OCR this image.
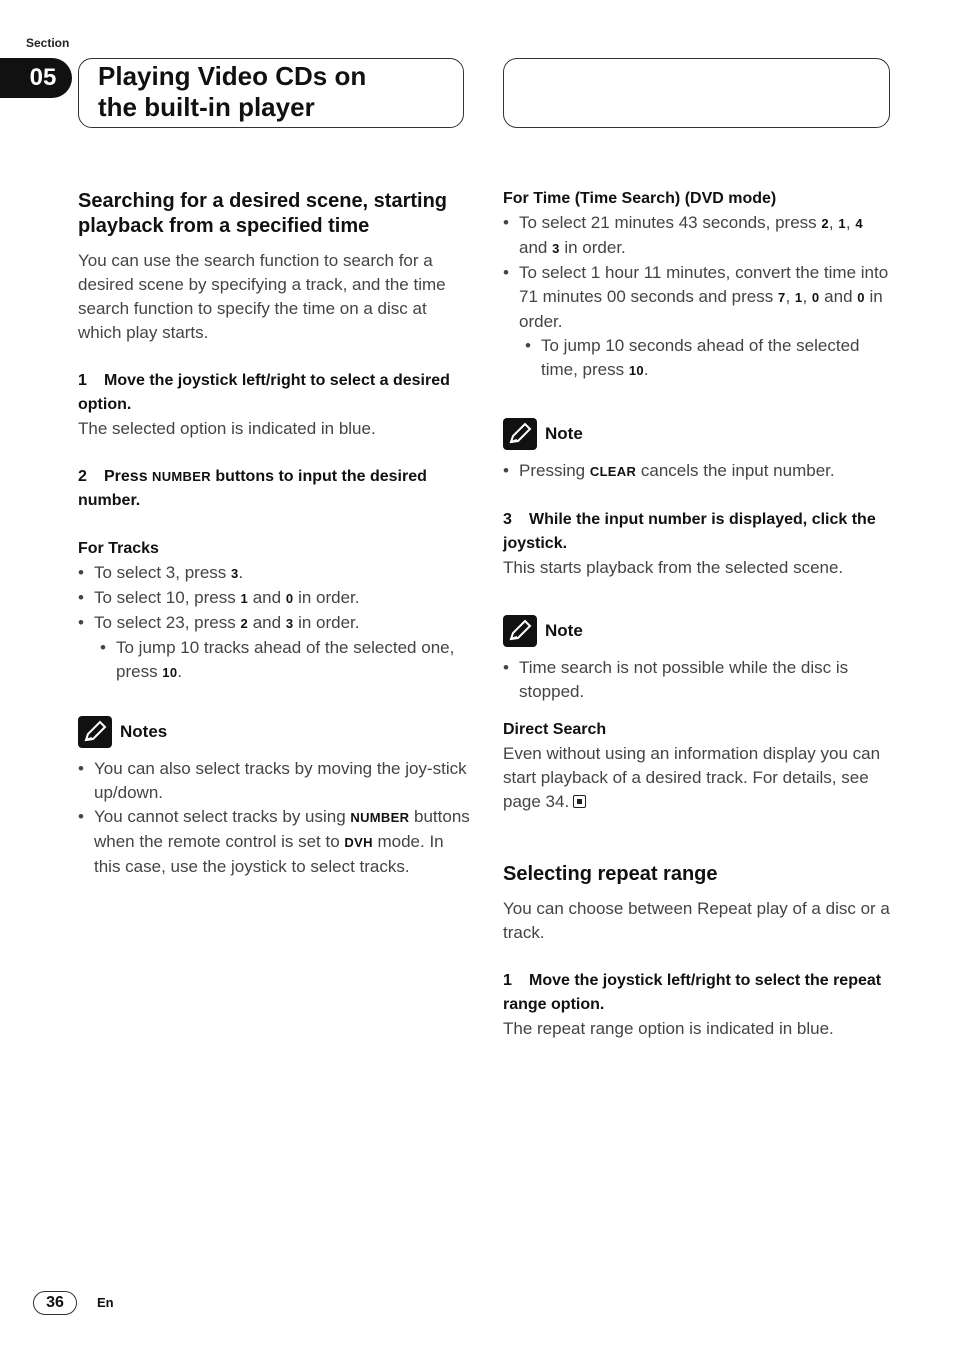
Section
05	Playing Video CDs on
the built-in player
Searching for a desired scene, starting playback from a specified time

You can use the search function to search for a desired scene by specifying a track, and the time search function to specify the time on a disc at which play starts.

1 Move the joystick left/right to select a desired option.

The selected option is indicated in blue.

2 Press NUMBER buttons to input the desired number.
For Tracks
• To select 3, press 3.
• To select 10, press 1 and 0 in order.
• To select 23, press 2 and 3 in order.
• To jump 10 tracks ahead of the selected one, press 10.
Notes
• You can also select tracks by moving the joy-stick up/down.
• You cannot select tracks by using NUMBER buttons when the remote control is set to DVH mode. In this case, use the joystick to select tracks.
For Time (Time Search) (DVD mode)
• To select 21 minutes 43 seconds, press 2, 1, 4 and 3 in order.
• To select 1 hour 11 minutes, convert the time into 71 minutes 00 seconds and press 7, 1, 0 and 0 in order.
• To jump 10 seconds ahead of the selected time, press 10.
Note
• Pressing CLEAR cancels the input number.
3 While the input number is displayed, click the joystick.

This starts playback from the selected scene.

Note
• Time search is not possible while the disc is stopped.
Direct Search

Even without using an information display you can start playback of a desired track. For details, see page 34.

Selecting repeat range

You can choose between Repeat play of a disc or a track.

1 Move the joystick left/right to select the repeat range option.

The repeat range option is indicated in blue.

36	En
